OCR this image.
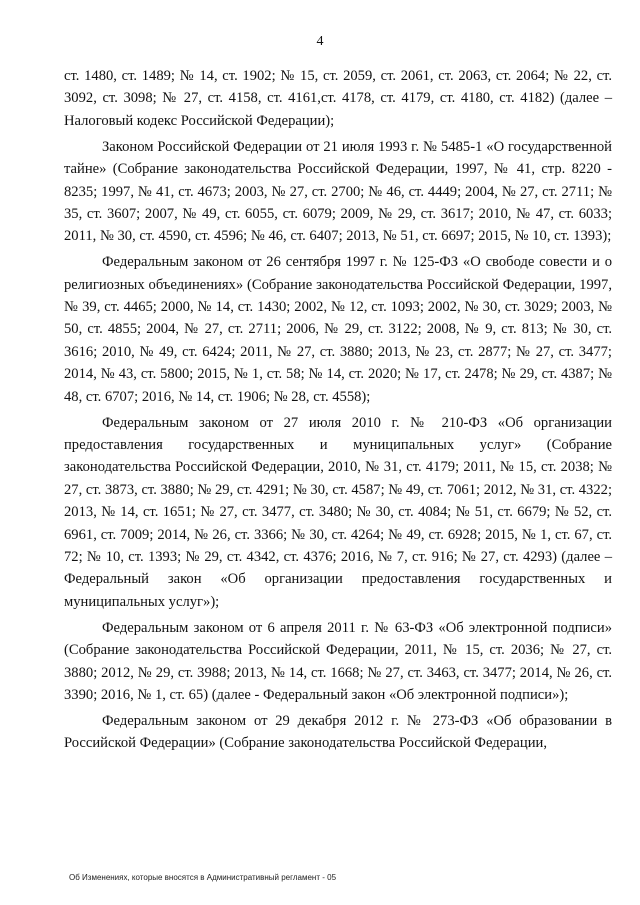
4

ст. 1480, ст. 1489; № 14, ст. 1902; № 15, ст. 2059, ст. 2061, ст. 2063, ст. 2064; № 22, ст. 3092, ст. 3098; № 27, ст. 4158, ст. 4161,ст. 4178, ст. 4179, ст. 4180, ст. 4182) (далее – Налоговый кодекс Российской Федерации);

Законом Российской Федерации от 21 июля 1993 г. № 5485-1 «О государственной тайне» (Собрание законодательства Российской Федерации, 1997, № 41, стр. 8220 - 8235; 1997, № 41, ст. 4673; 2003, № 27, ст. 2700; № 46, ст. 4449; 2004, № 27, ст. 2711; № 35, ст. 3607; 2007, № 49, ст. 6055, ст. 6079; 2009, № 29, ст. 3617; 2010, № 47, ст. 6033; 2011, № 30, ст. 4590, ст. 4596; № 46, ст. 6407; 2013, № 51, ст. 6697; 2015, № 10, ст. 1393);

Федеральным законом от 26 сентября 1997 г. № 125-ФЗ «О свободе совести и о религиозных объединениях» (Собрание законодательства Российской Федерации, 1997, № 39, ст. 4465; 2000, № 14, ст. 1430; 2002, № 12, ст. 1093; 2002, № 30, ст. 3029; 2003, № 50, ст. 4855; 2004, № 27, ст. 2711; 2006, № 29, ст. 3122; 2008, № 9, ст. 813; № 30, ст. 3616; 2010, № 49, ст. 6424; 2011, № 27, ст. 3880; 2013, № 23, ст. 2877; № 27, ст. 3477; 2014, № 43, ст. 5800; 2015, № 1, ст. 58; № 14, ст. 2020; № 17, ст. 2478; № 29, ст. 4387; № 48, ст. 6707; 2016, № 14, ст. 1906; № 28, ст. 4558);

Федеральным законом от 27 июля 2010 г. № 210-ФЗ «Об организации предоставления государственных и муниципальных услуг» (Собрание законодательства Российской Федерации, 2010, № 31, ст. 4179; 2011, № 15, ст. 2038; № 27, ст. 3873, ст. 3880; № 29, ст. 4291; № 30, ст. 4587; № 49, ст. 7061; 2012, № 31, ст. 4322; 2013, № 14, ст. 1651; № 27, ст. 3477, ст. 3480; № 30, ст. 4084; № 51, ст. 6679; № 52, ст. 6961, ст. 7009; 2014, № 26, ст. 3366; № 30, ст. 4264; № 49, ст. 6928; 2015, № 1, ст. 67, ст. 72; № 10, ст. 1393; № 29, ст. 4342, ст. 4376; 2016, № 7, ст. 916; № 27, ст. 4293) (далее – Федеральный закон «Об организации предоставления государственных и муниципальных услуг»);

Федеральным законом от 6 апреля 2011 г. № 63-ФЗ «Об электронной подписи» (Собрание законодательства Российской Федерации, 2011, № 15, ст. 2036; № 27, ст. 3880; 2012, № 29, ст. 3988; 2013, № 14, ст. 1668; № 27, ст. 3463, ст. 3477; 2014, № 26, ст. 3390; 2016, № 1, ст. 65) (далее - Федеральный закон «Об электронной подписи»);

Федеральным законом от 29 декабря 2012 г. № 273-ФЗ «Об образовании в Российской Федерации» (Собрание законодательства Российской Федерации,

Об Изменениях, которые вносятся в Административный регламент - 05
